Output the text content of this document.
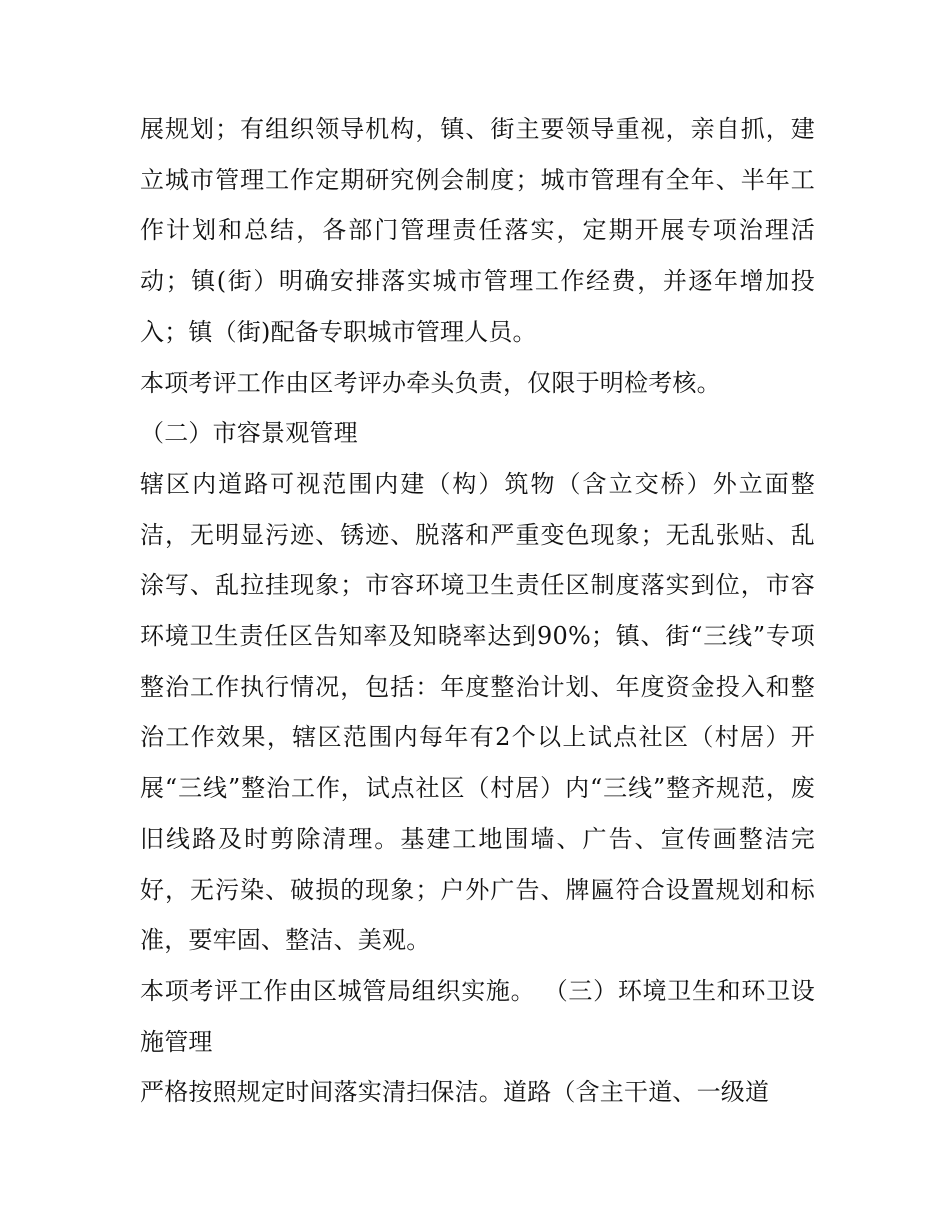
展规划；有组织领导机构，镇、街主要领导重视，亲自抓，建立城市管理工作定期研究例会制度；城市管理有全年、半年工作计划和总结，各部门管理责任落实，定期开展专项治理活动；镇(街）明确安排落实城市管理工作经费，并逐年增加投入；镇（街)配备专职城市管理人员。

本项考评工作由区考评办牵头负责，仅限于明检考核。

（二）市容景观管理

辖区内道路可视范围内建（构）筑物（含立交桥）外立面整洁，无明显污迹、锈迹、脱落和严重变色现象；无乱张贴、乱涂写、乱拉挂现象；市容环境卫生责任区制度落实到位，市容环境卫生责任区告知率及知晓率达到90%；镇、街“三线”专项整治工作执行情况，包括：年度整治计划、年度资金投入和整治工作效果，辖区范围内每年有2个以上试点社区（村居）开展“三线”整治工作，试点社区（村居）内“三线”整齐规范，废旧线路及时剪除清理。基建工地围墙、广告、宣传画整洁完好，无污染、破损的现象；户外广告、牌匾符合设置规划和标准，要牢固、整洁、美观。

本项考评工作由区城管局组织实施。 （三）环境卫生和环卫设施管理

严格按照规定时间落实清扫保洁。道路（含主干道、一级道
